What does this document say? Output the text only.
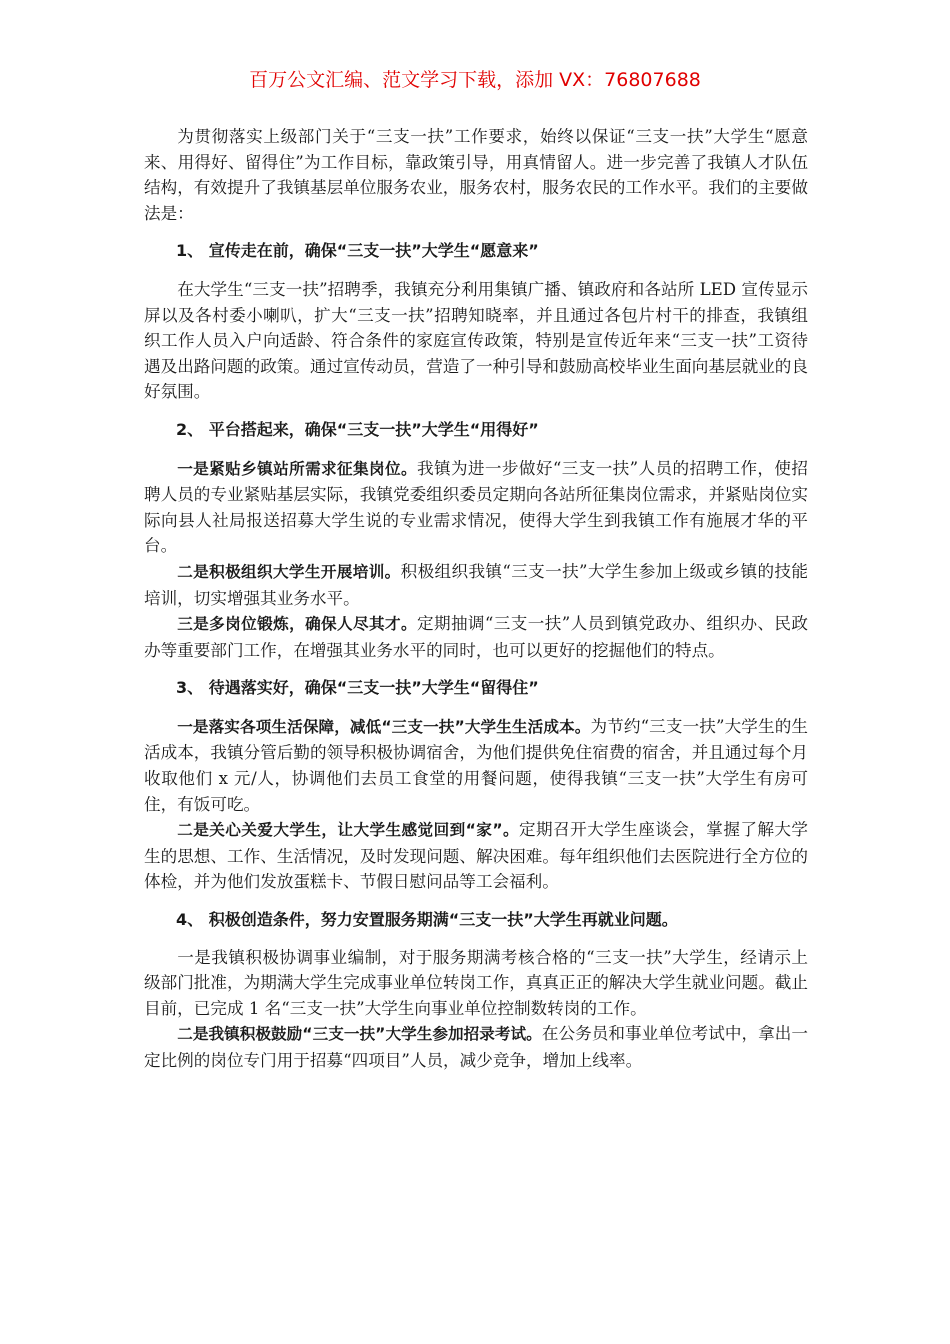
百万公文汇编、范文学习下载，添加 VX：76807688

为贯彻落实上级部门关于“三支一扶”工作要求，始终以保证“三支一扶”大学生“愿意来、用得好、留得住”为工作目标，靠政策引导，用真情留人。进一步完善了我镇人才队伍结构，有效提升了我镇基层单位服务农业，服务农村，服务农民的工作水平。我们的主要做法是：

1、 宣传走在前，确保“三支一扶”大学生“愿意来”

在大学生“三支一扶”招聘季，我镇充分利用集镇广播、镇政府和各站所 LED 宣传显示屏以及各村委小喇叭，扩大“三支一扶”招聘知晓率，并且通过各包片村干的排查，我镇组织工作人员入户向适龄、符合条件的家庭宣传政策，特别是宣传近年来“三支一扶”工资待遇及出路问题的政策。通过宣传动员，营造了一种引导和鼓励高校毕业生面向基层就业的良好氛围。

2、 平台搭起来，确保“三支一扶”大学生“用得好”

一是紧贴乡镇站所需求征集岗位。我镇为进一步做好“三支一扶”人员的招聘工作，使招聘人员的专业紧贴基层实际，我镇党委组织委员定期向各站所征集岗位需求，并紧贴岗位实际向县人社局报送招募大学生说的专业需求情况，使得大学生到我镇工作有施展才华的平台。

二是积极组织大学生开展培训。积极组织我镇“三支一扶”大学生参加上级或乡镇的技能培训，切实增强其业务水平。

三是多岗位锻炼，确保人尽其才。定期抽调“三支一扶”人员到镇党政办、组织办、民政办等重要部门工作，在增强其业务水平的同时，也可以更好的挖掘他们的特点。

3、 待遇落实好，确保“三支一扶”大学生“留得住”

一是落实各项生活保障，减低“三支一扶”大学生生活成本。为节约“三支一扶”大学生的生活成本，我镇分管后勤的领导积极协调宿舍，为他们提供免住宿费的宿舍，并且通过每个月收取他们 x 元/人，协调他们去员工食堂的用餐问题，使得我镇“三支一扶”大学生有房可住，有饭可吃。

二是关心关爱大学生，让大学生感觉回到“家”。定期召开大学生座谈会，掌握了解大学生的思想、工作、生活情况，及时发现问题、解决困难。每年组织他们去医院进行全方位的体检，并为他们发放蛋糕卡、节假日慰问品等工会福利。

4、 积极创造条件，努力安置服务期满“三支一扶”大学生再就业问题。

一是我镇积极协调事业编制，对于服务期满考核合格的“三支一扶”大学生，经请示上级部门批准，为期满大学生完成事业单位转岗工作，真真正正的解决大学生就业问题。截止目前，已完成 1 名“三支一扶”大学生向事业单位控制数转岗的工作。

二是我镇积极鼓励“三支一扶”大学生参加招录考试。在公务员和事业单位考试中，拿出一定比例的岗位专门用于招募“四项目”人员，减少竞争，增加上线率。
